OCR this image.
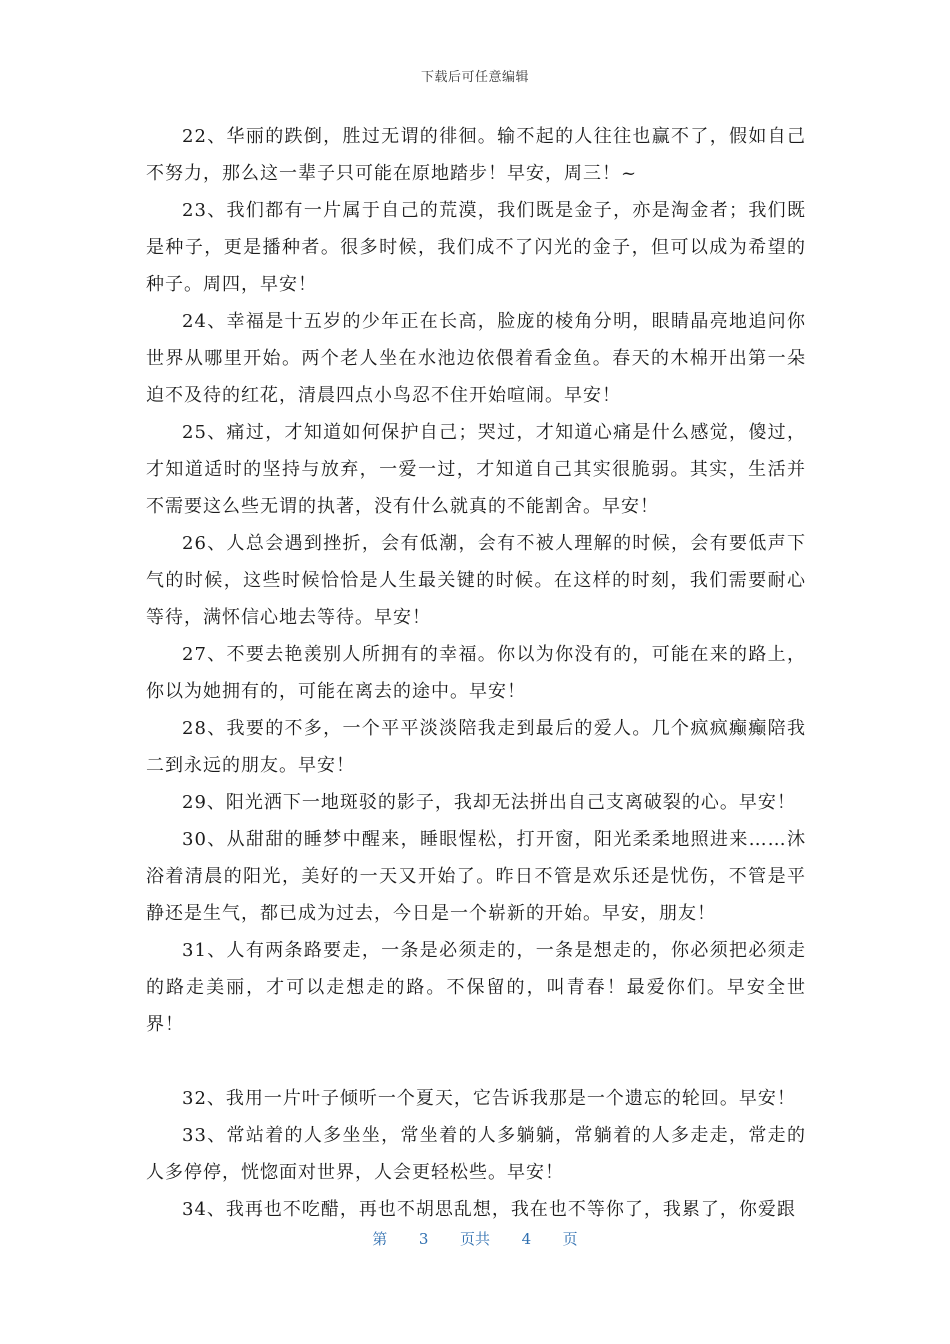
下载后可任意编辑

22、华丽的跌倒，胜过无谓的徘徊。输不起的人往往也赢不了，假如自己不努力，那么这一辈子只可能在原地踏步！早安，周三！~

23、我们都有一片属于自己的荒漠，我们既是金子，亦是淘金者；我们既是种子，更是播种者。很多时候，我们成不了闪光的金子，但可以成为希望的种子。周四，早安！

24、幸福是十五岁的少年正在长高，脸庞的棱角分明，眼睛晶亮地追问你世界从哪里开始。两个老人坐在水池边依偎着看金鱼。春天的木棉开出第一朵迫不及待的红花，清晨四点小鸟忍不住开始喧闹。早安！

25、痛过，才知道如何保护自己；哭过，才知道心痛是什么感觉，傻过，才知道适时的坚持与放弃，一爱一过，才知道自己其实很脆弱。其实，生活并不需要这么些无谓的执著，没有什么就真的不能割舍。早安！

26、人总会遇到挫折，会有低潮，会有不被人理解的时候，会有要低声下气的时候，这些时候恰恰是人生最关键的时候。在这样的时刻，我们需要耐心等待，满怀信心地去等待。早安！

27、不要去艳羡别人所拥有的幸福。你以为你没有的，可能在来的路上，你以为她拥有的，可能在离去的途中。早安！

28、我要的不多，一个平平淡淡陪我走到最后的爱人。几个疯疯癫癫陪我二到永远的朋友。早安！

29、阳光洒下一地斑驳的影子，我却无法拼出自己支离破裂的心。早安！

30、从甜甜的睡梦中醒来，睡眼惺松，打开窗，阳光柔柔地照进来……沐浴着清晨的阳光，美好的一天又开始了。昨日不管是欢乐还是忧伤，不管是平静还是生气，都已成为过去，今日是一个崭新的开始。早安，朋友！

31、人有两条路要走，一条是必须走的，一条是想走的，你必须把必须走的路走美丽，才可以走想走的路。不保留的，叫青春！最爱你们。早安全世界！

32、我用一片叶子倾听一个夏天，它告诉我那是一个遗忘的轮回。早安！

33、常站着的人多坐坐，常坐着的人多躺躺，常躺着的人多走走，常走的人多停停，恍惚面对世界，人会更轻松些。早安！

34、我再也不吃醋，再也不胡思乱想，我在也不等你了，我累了，你爱跟

第 3 页共 4 页
